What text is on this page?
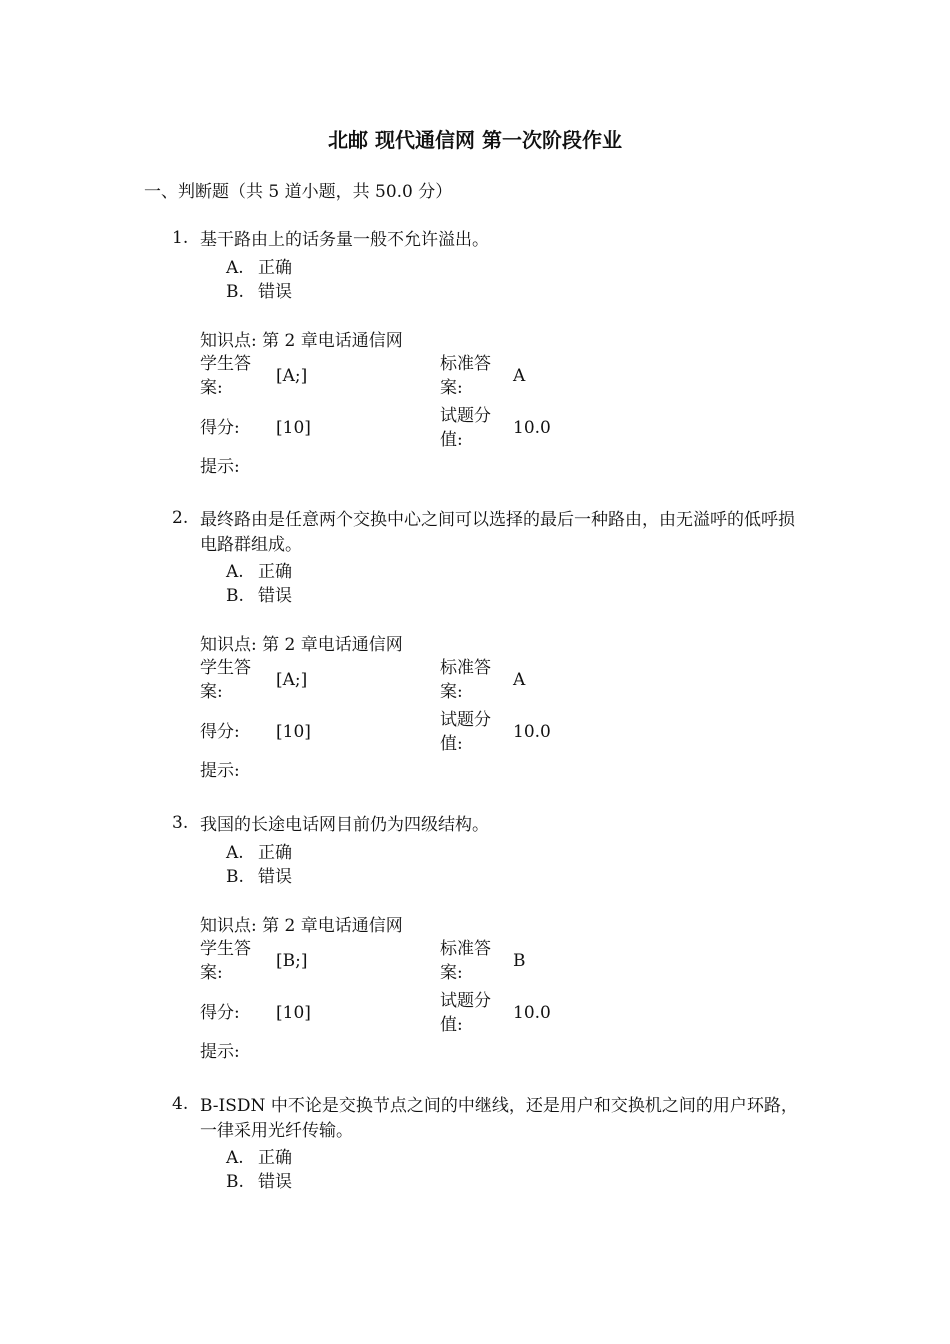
北邮 现代通信网 第一次阶段作业
一、判断题（共 5 道小题，共 50.0 分）
1. 基干路由上的话务量一般不允许溢出。
A. 正确
B. 错误
知识点: 第 2 章电话通信网
学生答
案:
[A;]
标准答
案:
A
得分: [10]
试题分
值:
10.0
提示:
2. 最终路由是任意两个交换中心之间可以选择的最后一种路由，由无溢呼的低呼损电路群组成。
A. 正确
B. 错误
知识点: 第 2 章电话通信网
学生答
案:
[A;]
标准答
案:
A
得分: [10]
试题分
值:
10.0
提示:
3. 我国的长途电话网目前仍为四级结构。
A. 正确
B. 错误
知识点: 第 2 章电话通信网
学生答
案:
[B;]
标准答
案:
B
得分: [10]
试题分
值:
10.0
提示:
4. B-ISDN 中不论是交换节点之间的中继线，还是用户和交换机之间的用户环路，一律采用光纤传输。
A. 正确
B. 错误
